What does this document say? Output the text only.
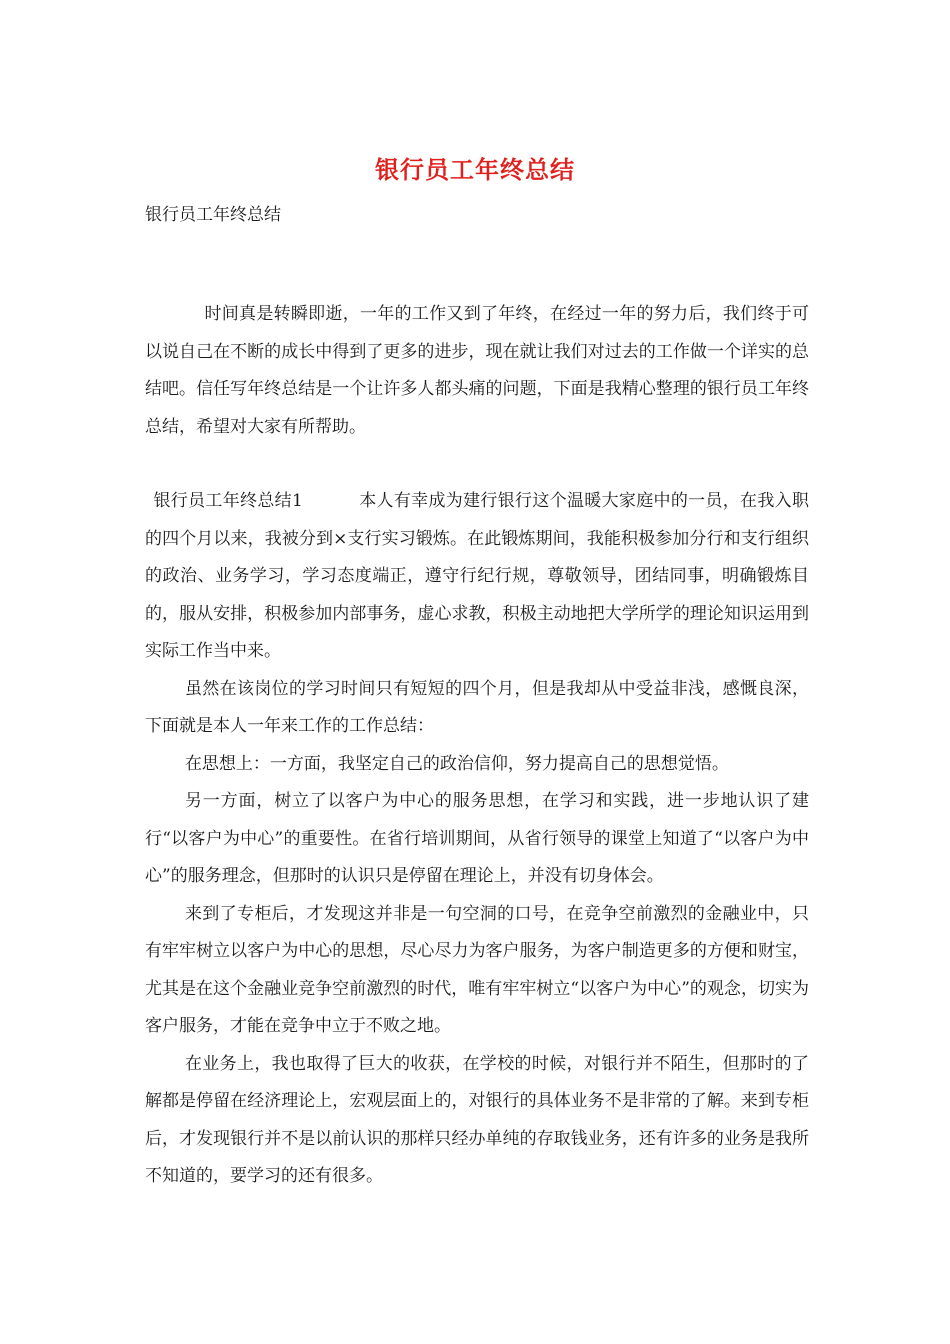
银行员工年终总结

银行员工年终总结

时间真是转瞬即逝，一年的工作又到了年终，在经过一年的努力后，我们终于可以说自己在不断的成长中得到了更多的进步，现在就让我们对过去的工作做一个详实的总结吧。信任写年终总结是一个让许多人都头痛的问题，下面是我精心整理的银行员工年终总结，希望对大家有所帮助。

银行员工年终总结1	本人有幸成为建行银行这个温暖大家庭中的一员，在我入职的四个月以来，我被分到×支行实习锻炼。在此锻炼期间，我能积极参加分行和支行组织的政治、业务学习，学习态度端正，遵守行纪行规，尊敬领导，团结同事，明确锻炼目的，服从安排，积极参加内部事务，虚心求教，积极主动地把大学所学的理论知识运用到实际工作当中来。

虽然在该岗位的学习时间只有短短的四个月，但是我却从中受益非浅，感慨良深，下面就是本人一年来工作的工作总结：

在思想上：一方面，我坚定自己的政治信仰，努力提高自己的思想觉悟。

另一方面，树立了以客户为中心的服务思想，在学习和实践，进一步地认识了建行“以客户为中心”的重要性。在省行培训期间，从省行领导的课堂上知道了“以客户为中心”的服务理念，但那时的认识只是停留在理论上，并没有切身体会。

来到了专柜后，才发现这并非是一句空洞的口号，在竞争空前激烈的金融业中，只有牢牢树立以客户为中心的思想，尽心尽力为客户服务，为客户制造更多的方便和财宝，尤其是在这个金融业竞争空前激烈的时代，唯有牢牢树立“以客户为中心”的观念，切实为客户服务，才能在竞争中立于不败之地。

在业务上，我也取得了巨大的收获，在学校的时候，对银行并不陌生，但那时的了解都是停留在经济理论上，宏观层面上的，对银行的具体业务不是非常的了解。来到专柜后，才发现银行并不是以前认识的那样只经办单纯的存取钱业务，还有许多的业务是我所不知道的，要学习的还有很多。
